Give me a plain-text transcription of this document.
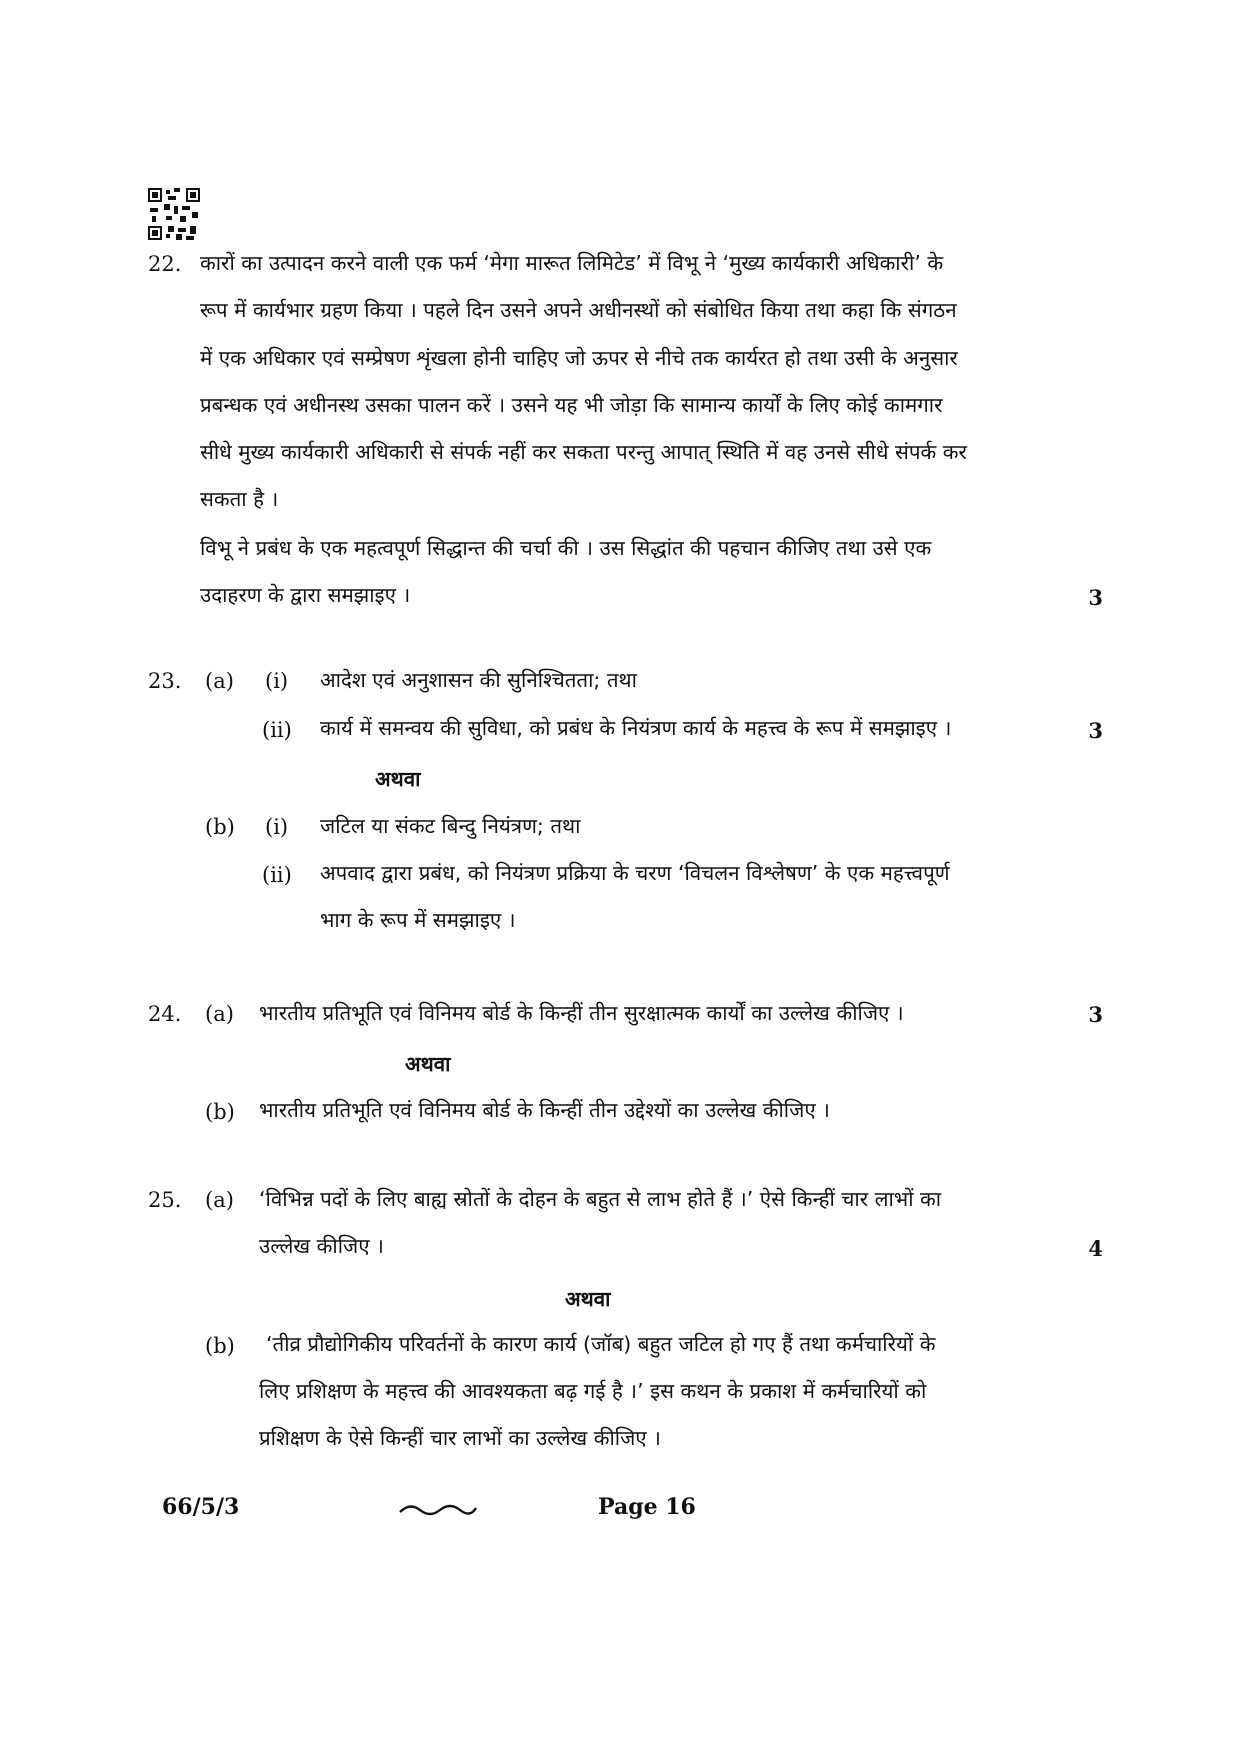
22. कारों का उत्पादन करने वाली एक फर्म ‘मेगा मारूत लिमिटेड’ में विभू ने ‘मुख्य कार्यकारी अधिकारी’ के
रूप में कार्यभार ग्रहण किया । पहले दिन उसने अपने अधीनस्थों को संबोधित किया तथा कहा कि संगठन
में एक अधिकार एवं सम्प्रेषण शृंखला होनी चाहिए जो ऊपर से नीचे तक कार्यरत हो तथा उसी के अनुसार
प्रबन्धक एवं अधीनस्थ उसका पालन करें । उसने यह भी जोड़ा कि सामान्य कार्यों के लिए कोई कामगार
सीधे मुख्य कार्यकारी अधिकारी से संपर्क नहीं कर सकता परन्तु आपात् स्थिति में वह उनसे सीधे संपर्क कर
सकता है ।
विभू ने प्रबंध के एक महत्वपूर्ण सिद्धान्त की चर्चा की । उस सिद्धांत की पहचान कीजिए तथा उसे एक
उदाहरण के द्वारा समझाइए ।	3
23. (a) (i) आदेश एवं अनुशासन की सुनिश्चितता; तथा
(ii) कार्य में समन्वय की सुविधा, को प्रबंध के नियंत्रण कार्य के महत्त्व के रूप में समझाइए ।	3
अथवा
(b) (i) जटिल या संकट बिन्दु नियंत्रण; तथा
(ii) अपवाद द्वारा प्रबंध, को नियंत्रण प्रक्रिया के चरण ‘विचलन विश्लेषण’ के एक महत्त्वपूर्ण
भाग के रूप में समझाइए ।
24. (a) भारतीय प्रतिभूति एवं विनिमय बोर्ड के किन्हीं तीन सुरक्षात्मक कार्यों का उल्लेख कीजिए ।	3
अथवा
(b) भारतीय प्रतिभूति एवं विनिमय बोर्ड के किन्हीं तीन उद्देश्यों का उल्लेख कीजिए ।
25. (a) ‘विभिन्न पदों के लिए बाह्य स्रोतों के दोहन के बहुत से लाभ होते हैं ।’ ऐसे किन्हीं चार लाभों का
उल्लेख कीजिए ।	4
अथवा
(b) ‘तीव्र प्रौद्योगिकीय परिवर्तनों के कारण कार्य (जॉब) बहुत जटिल हो गए हैं तथा कर्मचारियों के
लिए प्रशिक्षण के महत्त्व की आवश्यकता बढ़ गई है ।’ इस कथन के प्रकाश में कर्मचारियों को
प्रशिक्षण के ऐसे किन्हीं चार लाभों का उल्लेख कीजिए ।
66/5/3	Page 16
